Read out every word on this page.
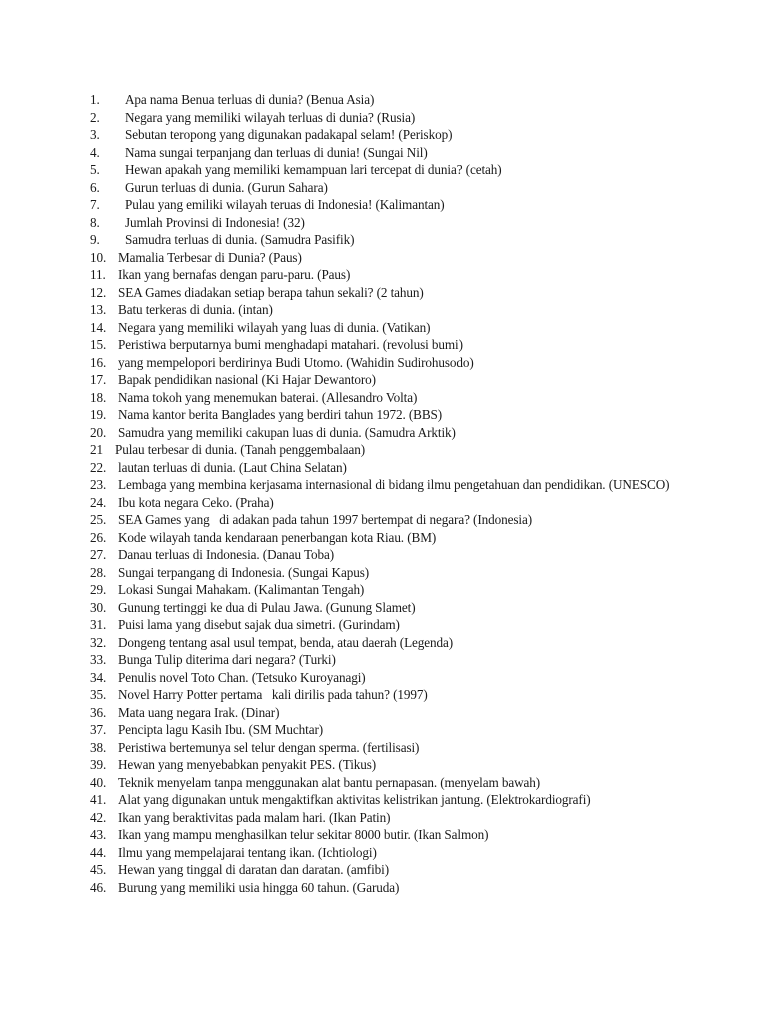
1.	Apa nama Benua terluas di dunia? (Benua Asia)
2.	Negara yang memiliki wilayah terluas di dunia? (Rusia)
3.	Sebutan teropong yang digunakan padakapal selam! (Periskop)
4.	Nama sungai terpanjang dan terluas di dunia! (Sungai Nil)
5.	Hewan apakah yang memiliki kemampuan lari tercepat di dunia? (cetah)
6.	Gurun terluas di dunia. (Gurun Sahara)
7.	Pulau yang emiliki wilayah teruas di Indonesia! (Kalimantan)
8.	Jumlah Provinsi di Indonesia! (32)
9.	Samudra terluas di dunia. (Samudra Pasifik)
10. Mamalia Terbesar di Dunia? (Paus)
11. Ikan yang bernafas dengan paru-paru. (Paus)
12. SEA Games diadakan setiap berapa tahun sekali? (2 tahun)
13. Batu terkeras di dunia. (intan)
14. Negara yang memiliki wilayah yang luas di dunia. (Vatikan)
15. Peristiwa berputarnya bumi menghadapi matahari. (revolusi bumi)
16. yang mempelopori berdirinya Budi Utomo. (Wahidin Sudirohusodo)
17. Bapak pendidikan nasional (Ki Hajar Dewantoro)
18. Nama tokoh yang menemukan baterai. (Allesandro Volta)
19. Nama kantor berita Banglades yang berdiri tahun 1972. (BBS)
20. Samudra yang memiliki cakupan luas di dunia. (Samudra Arktik)
21 Pulau terbesar di dunia. (Tanah penggembalaan)
22. lautan terluas di dunia. (Laut China Selatan)
23. Lembaga yang membina kerjasama internasional di bidang ilmu pengetahuan dan pendidikan. (UNESCO)
24. Ibu kota negara Ceko. (Praha)
25. SEA Games yang   di adakan pada tahun 1997 bertempat di negara? (Indonesia)
26. Kode wilayah tanda kendaraan penerbangan kota Riau. (BM)
27. Danau terluas di Indonesia. (Danau Toba)
28. Sungai terpangang di Indonesia. (Sungai Kapus)
29. Lokasi Sungai Mahakam. (Kalimantan Tengah)
30. Gunung tertinggi ke dua di Pulau Jawa. (Gunung Slamet)
31. Puisi lama yang disebut sajak dua simetri. (Gurindam)
32. Dongeng tentang asal usul tempat, benda, atau daerah (Legenda)
33. Bunga Tulip diterima dari negara? (Turki)
34. Penulis novel Toto Chan. (Tetsuko Kuroyanagi)
35. Novel Harry Potter pertama   kali dirilis pada tahun? (1997)
36. Mata uang negara Irak. (Dinar)
37. Pencipta lagu Kasih Ibu. (SM Muchtar)
38. Peristiwa bertemunya sel telur dengan sperma. (fertilisasi)
39. Hewan yang menyebabkan penyakit PES. (Tikus)
40. Teknik menyelam tanpa menggunakan alat bantu pernapasan. (menyelam bawah)
41. Alat yang digunakan untuk mengaktifkan aktivitas kelistrikan jantung. (Elektrokardiografi)
42. Ikan yang beraktivitas pada malam hari. (Ikan Patin)
43. Ikan yang mampu menghasilkan telur sekitar 8000 butir. (Ikan Salmon)
44. Ilmu yang mempelajarai tentang ikan. (Ichtiologi)
45. Hewan yang tinggal di daratan dan daratan. (amfibi)
46. Burung yang memiliki usia hingga 60 tahun. (Garuda)
